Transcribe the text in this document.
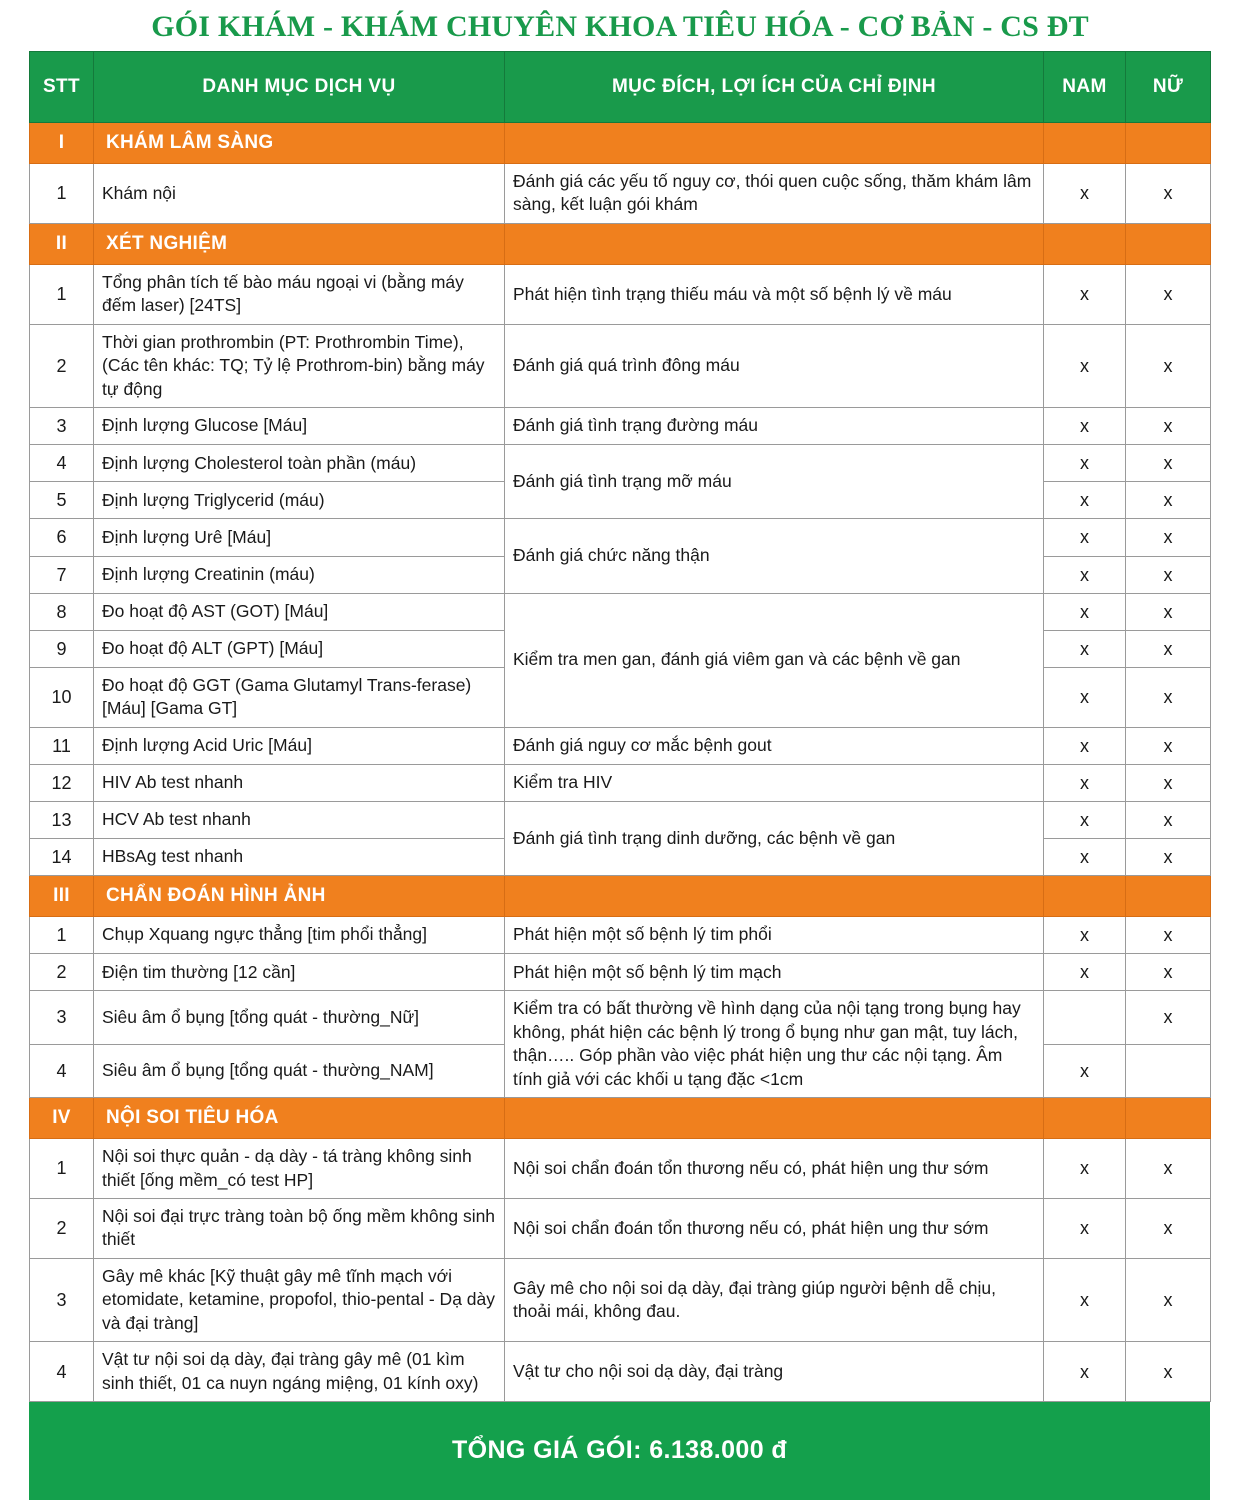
GÓI KHÁM - KHÁM CHUYÊN KHOA TIÊU HÓA - CƠ BẢN - CS ĐT
STT	DANH MỤC DỊCH VỤ	MỤC ĐÍCH, LỢI ÍCH CỦA CHỈ ĐỊNH	NAM	NỮ
I	KHÁM LÂM SÀNG			
1	Khám nội	Đánh giá các yếu tố nguy cơ, thói quen cuộc sống, thăm khám lâm sàng, kết luận gói khám	x	x
II	XÉT NGHIỆM			
1	Tổng phân tích tế bào máu ngoại vi (bằng máy đếm laser) [24TS]	Phát hiện tình trạng thiếu máu và một số bệnh lý về máu	x	x
2	Thời gian prothrombin (PT: Prothrombin Time), (Các tên khác: TQ; Tỷ lệ Prothrom-bin) bằng máy tự động	Đánh giá quá trình đông máu	x	x
3	Định lượng Glucose [Máu]	Đánh giá tình trạng đường máu	x	x
4	Định lượng Cholesterol toàn phần (máu)	Đánh giá tình trạng mỡ máu	x	x
5	Định lượng Triglycerid (máu)		x	x
6	Định lượng Urê [Máu]	Đánh giá chức năng thận	x	x
7	Định lượng Creatinin (máu)		x	x
8	Đo hoạt độ AST (GOT) [Máu]	Kiểm tra men gan, đánh giá viêm gan và các bệnh về gan	x	x
9	Đo hoạt độ ALT (GPT) [Máu]		x	x
10	Đo hoạt độ GGT (Gama Glutamyl Trans-ferase) [Máu] [Gama GT]		x	x
11	Định lượng Acid Uric [Máu]	Đánh giá nguy cơ mắc bệnh gout	x	x
12	HIV Ab test nhanh	Kiểm tra HIV	x	x
13	HCV Ab test nhanh	Đánh giá tình trạng dinh dưỡng, các bệnh về gan	x	x
14	HBsAg test nhanh		x	x
III	CHẨN ĐOÁN HÌNH ẢNH			
1	Chụp Xquang ngực thẳng [tim phổi thẳng]	Phát hiện một số bệnh lý tim phổi	x	x
2	Điện tim thường [12 cần]	Phát hiện một số bệnh lý tim mạch	x	x
3	Siêu âm ổ bụng [tổng quát - thường_Nữ]	Kiểm tra có bất thường về hình dạng của nội tạng trong bụng hay không, phát hiện các bệnh lý trong ổ bụng như gan mật, tuy lách, thận….. Góp phần vào việc phát hiện ung thư các nội tạng. Âm tính giả với các khối u tạng đặc <1cm		x
4	Siêu âm ổ bụng [tổng quát - thường_NAM]		x	
IV	NỘI SOI TIÊU HÓA			
1	Nội soi thực quản - dạ dày - tá tràng không sinh thiết [ống mềm_có test HP]	Nội soi chẩn đoán tổn thương nếu có, phát hiện ung thư sớm	x	x
2	Nội soi đại trực tràng toàn bộ ống mềm không sinh thiết	Nội soi chẩn đoán tổn thương nếu có, phát hiện ung thư sớm	x	x
3	Gây mê khác [Kỹ thuật gây mê tĩnh mạch với etomidate, ketamine, propofol, thio-pental - Dạ dày và đại tràng]	Gây mê cho nội soi dạ dày, đại tràng giúp người bệnh dễ chịu, thoải mái, không đau.	x	x
4	Vật tư nội soi dạ dày, đại tràng gây mê (01 kìm sinh thiết, 01 ca nuyn ngáng miệng, 01 kính oxy)	Vật tư cho nội soi dạ dày, đại tràng	x	x
TỔNG GIÁ GÓI: 6.138.000 đ
